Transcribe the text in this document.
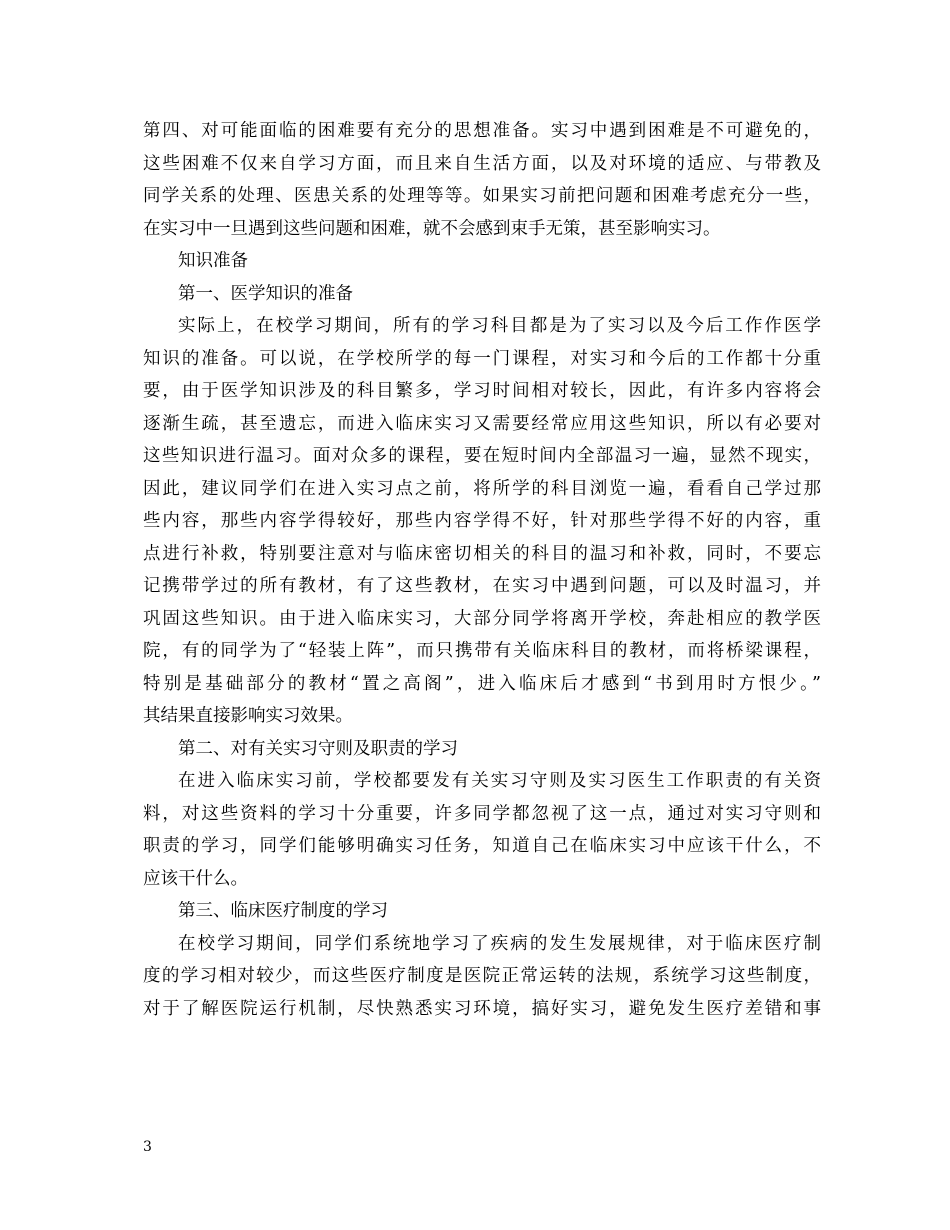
第四、对可能面临的困难要有充分的思想准备。实习中遇到困难是不可避免的，
这些困难不仅来自学习方面，而且来自生活方面，以及对环境的适应、与带教及
同学关系的处理、医患关系的处理等等。如果实习前把问题和困难考虑充分一些，
在实习中一旦遇到这些问题和困难，就不会感到束手无策，甚至影响实习。
知识准备
第一、医学知识的准备
实际上，在校学习期间，所有的学习科目都是为了实习以及今后工作作医学
知识的准备。可以说，在学校所学的每一门课程，对实习和今后的工作都十分重
要，由于医学知识涉及的科目繁多，学习时间相对较长，因此，有许多内容将会
逐渐生疏，甚至遗忘，而进入临床实习又需要经常应用这些知识，所以有必要对
这些知识进行温习。面对众多的课程，要在短时间内全部温习一遍，显然不现实，
因此，建议同学们在进入实习点之前，将所学的科目浏览一遍，看看自己学过那
些内容，那些内容学得较好，那些内容学得不好，针对那些学得不好的内容，重
点进行补救，特别要注意对与临床密切相关的科目的温习和补救，同时，不要忘
记携带学过的所有教材，有了这些教材，在实习中遇到问题，可以及时温习，并
巩固这些知识。由于进入临床实习，大部分同学将离开学校，奔赴相应的教学医
院，有的同学为了“轻装上阵”，而只携带有关临床科目的教材，而将桥梁课程，
特别是基础部分的教材“置之高阁”，进入临床后才感到“书到用时方恨少。”
其结果直接影响实习效果。
第二、对有关实习守则及职责的学习
在进入临床实习前，学校都要发有关实习守则及实习医生工作职责的有关资
料，对这些资料的学习十分重要，许多同学都忽视了这一点，通过对实习守则和
职责的学习，同学们能够明确实习任务，知道自己在临床实习中应该干什么，不
应该干什么。
第三、临床医疗制度的学习
在校学习期间，同学们系统地学习了疾病的发生发展规律，对于临床医疗制
度的学习相对较少，而这些医疗制度是医院正常运转的法规，系统学习这些制度，
对于了解医院运行机制，尽快熟悉实习环境，搞好实习，避免发生医疗差错和事
3
